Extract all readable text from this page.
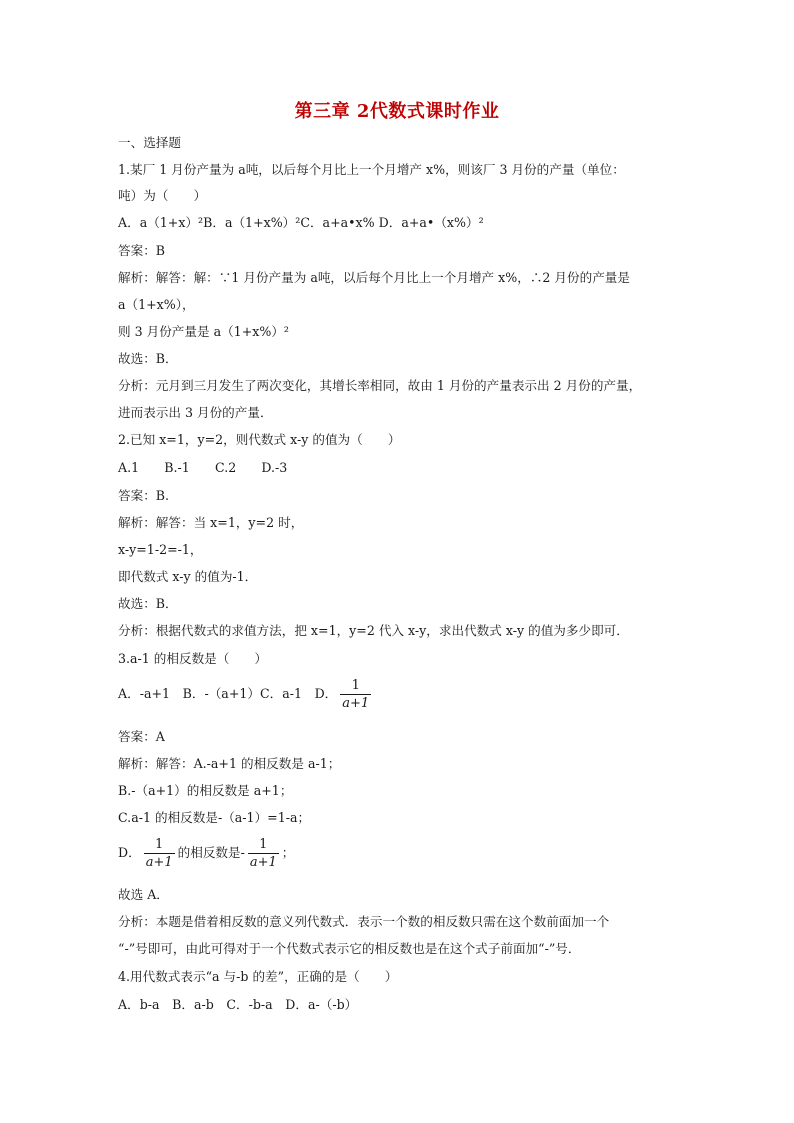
第三章 2代数式课时作业
一、选择题
1.某厂 1 月份产量为 a吨，以后每个月比上一个月增产 x%，则该厂 3 月份的产量（单位：
吨）为（　　）
A．a（1+x）²B．a（1+x%）²C．a+a•x% D．a+a•（x%）²
答案：B
解析：解答：解：∵1 月份产量为 a吨，以后每个月比上一个月增产 x%，∴2 月份的产量是
a（1+x%），
则 3 月份产量是 a（1+x%）²
故选：B．
分析：元月到三月发生了两次变化，其增长率相同，故由 1 月份的产量表示出 2 月份的产量，
进而表示出 3 月份的产量．
2.已知 x=1，y=2，则代数式 x-y 的值为（　　）
A.1　　B.-1　　C.2　　D.-3
答案：B.
解析：解答：当 x=1，y=2 时，
x-y=1-2=-1，
即代数式 x-y 的值为-1．
故选：B．
分析：根据代数式的求值方法，把 x=1，y=2 代入 x-y，求出代数式 x-y 的值为多少即可．
3.a-1 的相反数是（　　）
A．-a+1　B．-（a+1）C．a-1　D． $\frac{1}{a+1}$
答案：A
解析：解答：A.-a+1 的相反数是 a-1；
B.-（a+1）的相反数是 a+1；
C.a-1 的相反数是-（a-1）=1-a；
D． $\frac{1}{a+1}$ 的相反数是- $\frac{1}{a+1}$ ；
故选 A．
分析：本题是借着相反数的意义列代数式．表示一个数的相反数只需在这个数前面加一个
“-”号即可，由此可得对于一个代数式表示它的相反数也是在这个式子前面加“-”号．
4.用代数式表示“a 与-b 的差”，正确的是（　　）
A．b-a　B．a-b　C．-b-a　D．a-（-b）
